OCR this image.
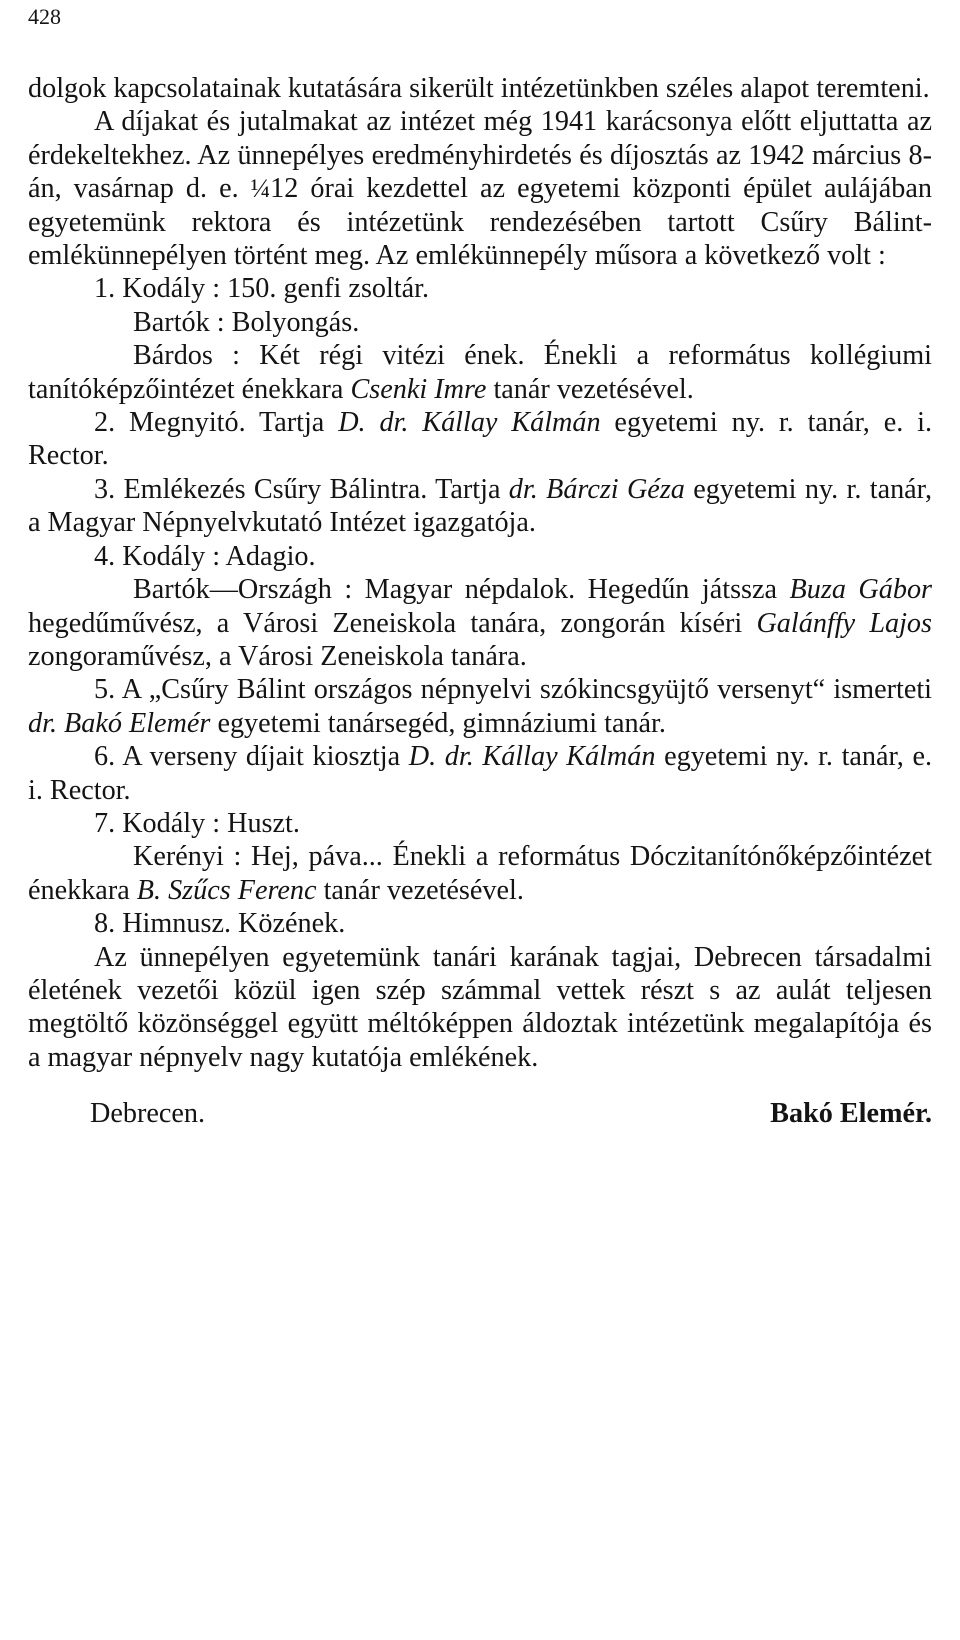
428

dolgok kapcsolatainak kutatására sikerült intézetünkben széles alapot teremteni.

A díjakat és jutalmakat az intézet még 1941 karácsonya előtt eljuttatta az érdekeltekhez. Az ünnepélyes eredményhirdetés és díjosztás az 1942 március 8-án, vasárnap d. e. ¼12 órai kezdettel az egyetemi központi épület aulájában egyetemünk rektora és intézetünk rendezésében tartott Csűry Bálint-emlékünnepélyen történt meg. Az emlékünnepély műsora a következő volt :

1. Kodály : 150. genfi zsoltár.

Bartók : Bolyongás.

Bárdos : Két régi vitézi ének. Énekli a református kollégiumi tanítóképzőintézet énekkara Csenki Imre tanár vezetésével.

2. Megnyitó. Tartja D. dr. Kállay Kálmán egyetemi ny. r. tanár, e. i. Rector.

3. Emlékezés Csűry Bálintra. Tartja dr. Bárczi Géza egyetemi ny. r. tanár, a Magyar Népnyelvkutató Intézet igazgatója.

4. Kodály : Adagio.

Bartók—Országh : Magyar népdalok. Hegedűn játssza Buza Gábor hegedűművész, a Városi Zeneiskola tanára, zongorán kíséri Galánffy Lajos zongoraművész, a Városi Zeneiskola tanára.

5. A „Csűry Bálint országos népnyelvi szókincsgyüjtő versenyt“ ismerteti dr. Bakó Elemér egyetemi tanársegéd, gimnáziumi tanár.

6. A verseny díjait kiosztja D. dr. Kállay Kálmán egyetemi ny. r. tanár, e. i. Rector.

7. Kodály : Huszt.

Kerényi : Hej, páva... Énekli a református Dóczitanítónőképzőintézet énekkara B. Szűcs Ferenc tanár vezetésével.

8. Himnusz. Közének.

Az ünnepélyen egyetemünk tanári karának tagjai, Debrecen társadalmi életének vezetői közül igen szép számmal vettek részt s az aulát teljesen megtöltő közönséggel együtt méltóképpen áldoztak intézetünk megalapítója és a magyar népnyelv nagy kutatója emlékének.

Debrecen.	Bakó Elemér.
